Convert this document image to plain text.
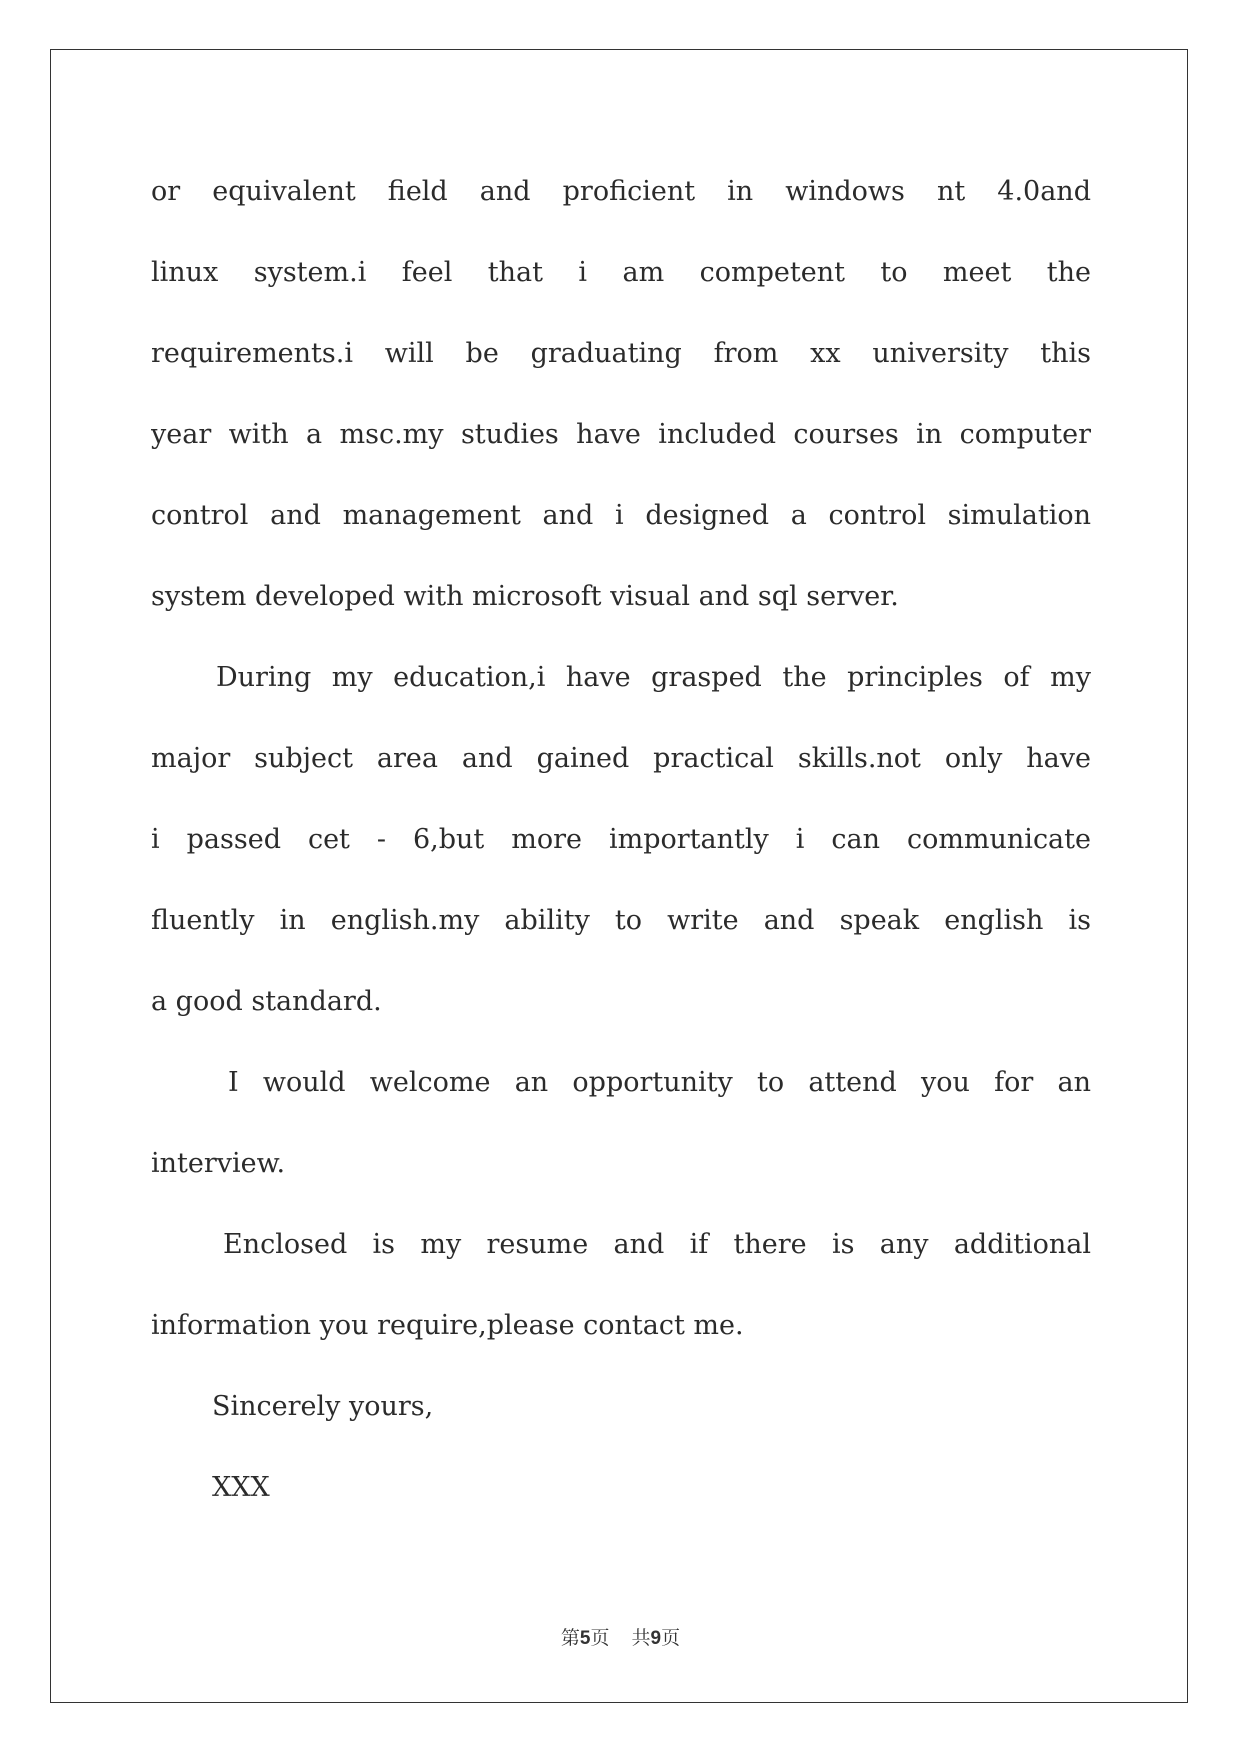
or equivalent field and proficient in windows nt 4.0and
linux system.i feel that i am competent to meet the
requirements.i will be graduating from xx university this
year with a msc.my studies have included courses in computer
control and management and i designed a control simulation
system developed with microsoft visual and sql server.
During my education,i have grasped the principles of my
major subject area and gained practical skills.not only have
i passed cet - 6,but more importantly i can communicate
fluently in english.my ability to write and speak english is
a good standard.
I would welcome an opportunity to attend you for an
interview.
Enclosed is my resume and if there is any additional
information you require,please contact me.
Sincerely yours,
XXX
第5页 共9页
